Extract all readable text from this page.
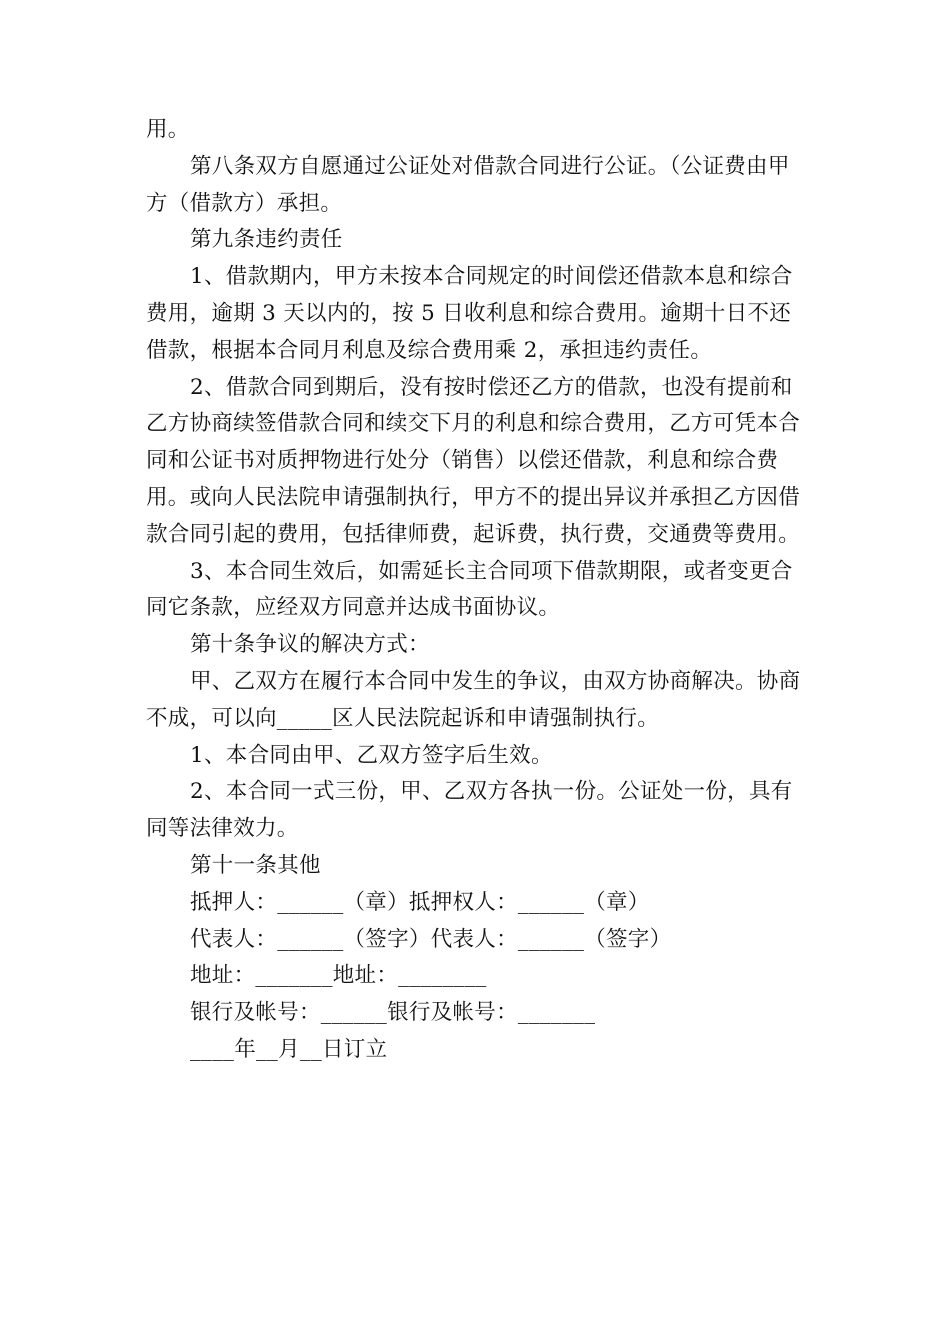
用。

第八条双方自愿通过公证处对借款合同进行公证。（公证费由甲方（借款方）承担。

第九条违约责任

1、借款期内，甲方未按本合同规定的时间偿还借款本息和综合费用，逾期 3 天以内的，按 5 日收利息和综合费用。逾期十日不还借款，根据本合同月利息及综合费用乘 2，承担违约责任。

2、借款合同到期后，没有按时偿还乙方的借款，也没有提前和乙方协商续签借款合同和续交下月的利息和综合费用，乙方可凭本合同和公证书对质押物进行处分（销售）以偿还借款，利息和综合费用。或向人民法院申请强制执行，甲方不的提出异议并承担乙方因借款合同引起的费用，包括律师费，起诉费，执行费，交通费等费用。

3、本合同生效后，如需延长主合同项下借款期限，或者变更合同它条款，应经双方同意并达成书面协议。

第十条争议的解决方式：

甲、乙双方在履行本合同中发生的争议，由双方协商解决。协商不成，可以向_____区人民法院起诉和申请强制执行。

1、本合同由甲、乙双方签字后生效。

2、本合同一式三份，甲、乙双方各执一份。公证处一份，具有同等法律效力。

第十一条其他

抵押人：______（章）抵押权人：______（章）

代表人：______（签字）代表人：______（签字）

地址：_______地址：________

银行及帐号：______银行及帐号：_______

____年__月__日订立
